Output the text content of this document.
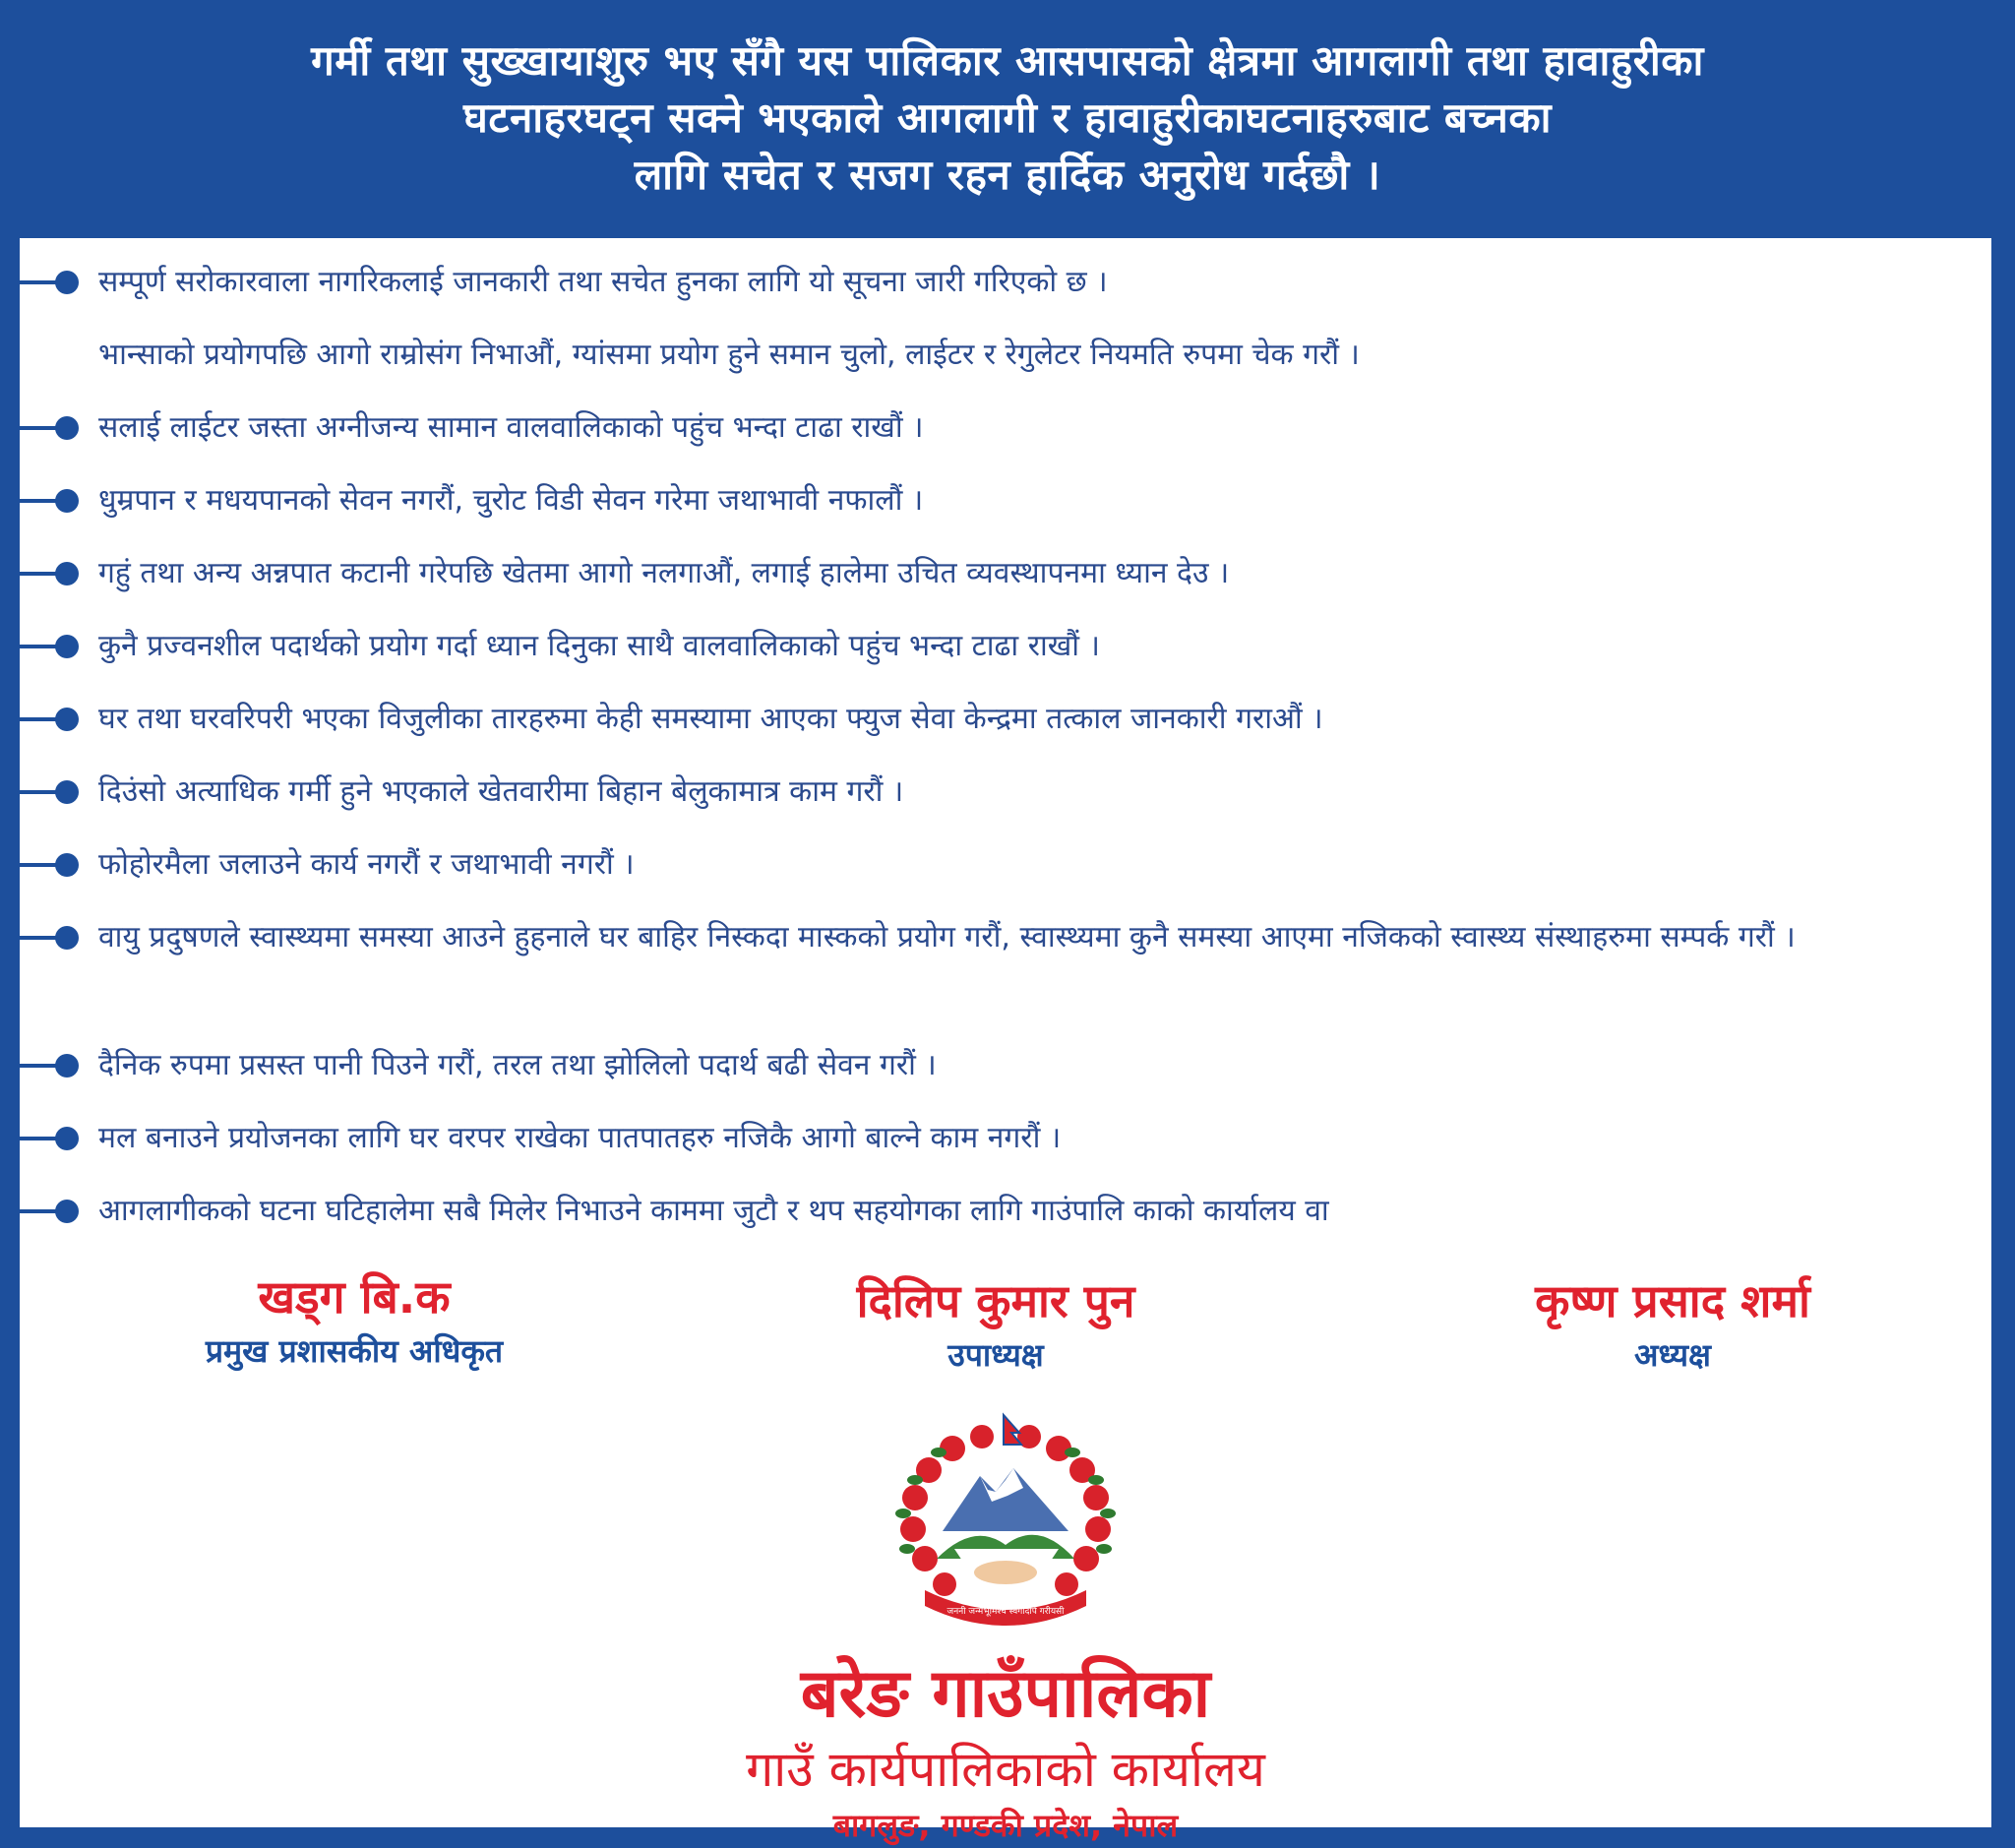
गर्मी तथा सुख्खायाशुरु भए सँगै यस पालिकार आसपासको क्षेत्रमा आगलागी तथा हावाहुरीका
घटनाहरघट्न सक्ने भएकाले आगलागी र हावाहुरीकाघटनाहरुबाट बच्नका
लागि सचेत र सजग रहन हार्दिक अनुरोध गर्दछौ ।
सम्पूर्ण सरोकारवाला नागरिकलाई जानकारी तथा सचेत हुनका लागि यो सूचना जारी गरिएको छ ।
भान्साको प्रयोगपछि आगो राम्रोसंग निभाऔं, ग्यांसमा प्रयोग हुने समान चुलो, लाईटर र रेगुलेटर नियमति रुपमा चेक गरौं ।
सलाई लाईटर जस्ता अग्नीजन्य सामान वालवालिकाको पहुंच भन्दा टाढा राखौं ।
धुम्रपान र मधयपानको सेवन नगरौं, चुरोट विडी सेवन गरेमा जथाभावी नफालौं ।
गहुं तथा अन्य अन्नपात कटानी गरेपछि खेतमा आगो नलगाऔं, लगाई हालेमा उचित व्यवस्थापनमा ध्यान देउ ।
कुनै प्रज्वनशील पदार्थको प्रयोग गर्दा ध्यान दिनुका साथै वालवालिकाको पहुंच भन्दा टाढा राखौं ।
घर तथा घरवरिपरी भएका विजुलीका तारहरुमा केही समस्यामा आएका फ्युज सेवा केन्द्रमा तत्काल जानकारी गराऔं ।
दिउंसो अत्याधिक गर्मी हुने भएकाले खेतवारीमा बिहान बेलुकामात्र काम गरौं ।
फोहोरमैला जलाउने कार्य नगरौं र जथाभावी नगरौं ।
वायु प्रदुषणले स्वास्थ्यमा समस्या आउने हुहनाले घर बाहिर निस्कदा मास्कको प्रयोग गरौं, स्वास्थ्यमा कुनै समस्या आएमा नजिकको स्वास्थ्य संस्थाहरुमा सम्पर्क गरौं ।
दैनिक रुपमा प्रसस्त पानी पिउने गरौं, तरल तथा झोलिलो पदार्थ बढी सेवन गरौं ।
मल बनाउने प्रयोजनका लागि घर वरपर राखेका पातपातहरु नजिकै आगो बाल्ने काम नगरौं ।
आगलागीकको घटना घटिहालेमा सबै मिलेर निभाउने काममा जुटौ र थप सहयोगका लागि गाउंपालि काको कार्यालय वा
खड्ग बि.क
प्रमुख प्रशासकीय अधिकृत
दिलिप कुमार पुन
उपाध्यक्ष
कृष्ण प्रसाद शर्मा
अध्यक्ष
जननी जन्मभूमिश्च स्वर्गादपि गरीयसी
बरेङ गाउँपालिका
गाउँ कार्यपालिकाको कार्यालय
बागलुङ, गण्डकी प्रदेश, नेपाल
